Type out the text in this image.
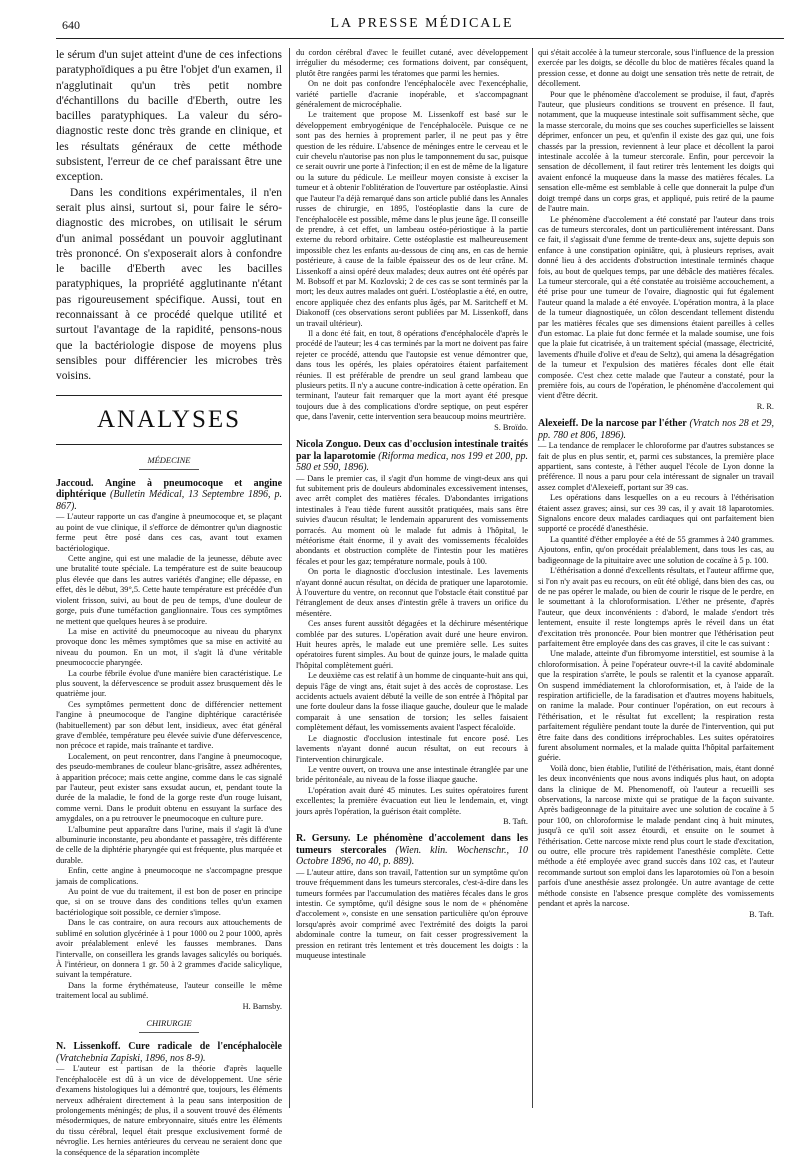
640	LA PRESSE MÉDICALE

le sérum d'un sujet atteint d'une de ces infections paratyphoïdiques a pu être l'objet d'un examen, il n'agglutinait qu'un très petit nombre d'échantillons du bacille d'Eberth, outre les bacilles paratyphiques. La valeur du séro-diagnostic reste donc très grande en clinique, et les résultats généraux de cette méthode subsistent, l'erreur de ce chef paraissant être une exception.

Dans les conditions expérimentales, il n'en serait plus ainsi, surtout si, pour faire le séro-diagnostic des microbes, on utilisait le sérum d'un animal possédant un pouvoir agglutinant très prononcé. On s'exposerait alors à confondre le bacille d'Eberth avec les bacilles paratyphiques, la propriété agglutinante n'étant pas rigoureusement spécifique. Aussi, tout en reconnaissant à ce procédé quelque utilité et surtout l'avantage de la rapidité, pensons-nous que la bactériologie dispose de moyens plus sensibles pour différencier les microbes très voisins.

ANALYSES
MÉDECINE
Jaccoud. Angine à pneumocoque et angine diphtérique (Bulletin Médical, 13 Septembre 1896, p. 867).

— L'auteur rapporte un cas d'angine à pneumocoque et, se plaçant au point de vue clinique, il s'efforce de démontrer qu'un diagnostic ferme peut être posé dans ces cas, avant tout examen bactériologique.

Cette angine, qui est une maladie de la jeunesse, débute avec une brutalité toute spéciale. La température est de suite beaucoup plus élevée que dans les autres variétés d'angine; elle dépasse, en effet, dès le début, 39°,5. Cette haute température est précédée d'un violent frisson, suivi, au bout de peu de temps, d'une douleur de gorge, puis d'une tuméfaction ganglionnaire. Tous ces symptômes ne mettent que quelques heures à se produire.

La mise en activité du pneumocoque au niveau du pharynx provoque donc les mêmes symptômes que sa mise en activité au niveau du poumon. En un mot, il s'agit là d'une véritable pneumococcie pharyngée.

La courbe fébrile évolue d'une manière bien caractéristique. Le plus souvent, la défervescence se produit assez brusquement dès le quatrième jour.

Ces symptômes permettent donc de différencier nettement l'angine à pneumocoque de l'angine diphtérique caractérisée (habituellement) par son début lent, insidieux, avec état général grave d'emblée, température peu élevée suivie d'une défervescence, non précoce et rapide, mais traînante et tardive.

Localement, on peut rencontrer, dans l'angine à pneumocoque, des pseudo-membranes de couleur blanc-grisâtre, assez adhérentes, à apparition précoce; mais cette angine, comme dans le cas signalé par l'auteur, peut exister sans exsudat aucun, et, pendant toute la durée de la maladie, le fond de la gorge reste d'un rouge luisant, comme verni. Dans le produit obtenu en essuyant la surface des amygdales, on a pu retrouver le pneumocoque en culture pure.

L'albumine peut apparaître dans l'urine, mais il s'agit là d'une albuminurie inconstante, peu abondante et passagère, très différente de celle de la diphtérie pharyngée qui est fréquente, plus marquée et durable.

Enfin, cette angine à pneumocoque ne s'accompagne presque jamais de complications.

Au point de vue du traitement, il est bon de poser en principe que, si on se trouve dans des conditions telles qu'un examen bactériologique soit possible, ce dernier s'impose.

Dans le cas contraire, on aura recours aux attouchements de sublimé en solution glycérinée à 1 pour 1000 ou 2 pour 1000, après avoir préalablement enlevé les fausses membranes. Dans l'intervalle, on conseillera les grands lavages salicylés ou boriqués. À l'intérieur, on donnera 1 gr. 50 à 2 grammes d'acide salicylique, suivant la température.

Dans la forme érythémateuse, l'auteur conseille le même traitement local au sublimé.

H. Barnsby.
CHIRURGIE
N. Lissenkoff. Cure radicale de l'encéphalocèle (Vratchebnia Zapiski, 1896, nos 8-9).

— L'auteur est partisan de la théorie d'après laquelle l'encéphalocèle est dû à un vice de développement. Une série d'examens histologiques lui a démontré que, toujours, les éléments nerveux adhéraient directement à la peau sans interposition de prolongements méningés; de plus, il a souvent trouvé des éléments mésodermiques, de nature embryonnaire, situés entre les éléments du tissu cérébral, lequel était presque exclusivement formé de névroglie. Les hernies antérieures du cerveau ne seraient donc que la conséquence de la séparation incomplète

du cordon cérébral d'avec le feuillet cutané, avec développement irrégulier du mésoderme; ces formations doivent, par conséquent, plutôt être rangées parmi les tératomes que parmi les hernies.

On ne doit pas confondre l'encéphalocèle avec l'exencéphalie, variété partielle d'acranie inopérable, et s'accompagnant généralement de microcéphalie.

Le traitement que propose M. Lissenkoff est basé sur le développement embryogénique de l'encéphalocèle. Puisque ce ne sont pas des hernies à proprement parler, il ne peut pas y être question de les réduire. L'absence de méninges entre le cerveau et le cuir chevelu n'autorise pas non plus le tamponnement du sac, puisque ce serait ouvrir une porte à l'infection; il en est de même de la ligature ou la suture du pédicule. Le meilleur moyen consiste à exciser la tumeur et à obtenir l'oblitération de l'ouverture par ostéoplastie. Ainsi que l'auteur l'a déjà remarqué dans son article publié dans les Annales russes de chirurgie, en 1895, l'ostéoplastie dans la cure de l'encéphalocèle est possible, même dans le plus jeune âge. Il conseille de prendre, à cet effet, un lambeau ostéo-périostique à la partie externe du rebord orbitaire. Cette ostéoplastie est malheureusement impossible chez les enfants au-dessous de cinq ans, en cas de hernie postérieure, à cause de la faible épaisseur des os de leur crâne. M. Lissenkoff a ainsi opéré deux malades; deux autres ont été opérés par M. Bobsoff et par M. Kozlovski; 2 de ces cas se sont terminés par la mort; les deux autres malades ont guéri. L'ostéoplastie a été, en outre, encore appliquée chez des enfants plus âgés, par M. Saritcheff et M. Diakonoff (ces observations seront publiées par M. Lissenkoff, dans un travail ultérieur).

Il a donc été fait, en tout, 8 opérations d'encéphalocèle d'après le procédé de l'auteur; les 4 cas terminés par la mort ne doivent pas faire rejeter ce procédé, attendu que l'autopsie est venue démontrer que, dans tous les opérés, les plaies opératoires étaient parfaitement réunies. Il est préférable de prendre un seul grand lambeau que plusieurs petits. Il n'y a aucune contre-indication à cette opération. En terminant, l'auteur fait remarquer que la mort ayant été presque toujours due à des complications d'ordre septique, on peut espérer que, dans l'avenir, cette intervention sera beaucoup moins meurtrière.

S. Broïdo.
Nicola Zonguo. Deux cas d'occlusion intestinale traités par la laparotomie (Riforma medica, nos 199 et 200, pp. 580 et 590, 1896).

— Dans le premier cas, il s'agit d'un homme de vingt-deux ans qui fut subitement pris de douleurs abdominales excessivement intenses, avec arrêt complet des matières fécales. D'abondantes irrigations intestinales à l'eau tiède furent aussitôt pratiquées, mais sans être suivies d'aucun résultat; le lendemain apparurent des vomissements porracés. Au moment où le malade fut admis à l'hôpital, le météorisme était énorme, il y avait des vomissements fécaloïdes abondants et obstruction complète de l'intestin pour les matières fécales et pour les gaz; température normale, pouls à 100.

On porta le diagnostic d'occlusion intestinale. Les lavements n'ayant donné aucun résultat, on décida de pratiquer une laparotomie. À l'ouverture du ventre, on reconnut que l'obstacle était constitué par l'étranglement de deux anses d'intestin grêle à travers un orifice du mésentère.

Ces anses furent aussitôt dégagées et la déchirure mésentérique comblée par des sutures. L'opération avait duré une heure environ. Huit heures après, le malade eut une première selle. Les suites opératoires furent simples. Au bout de quinze jours, le malade quitta l'hôpital complètement guéri.

Le deuxième cas est relatif à un homme de cinquante-huit ans qui, depuis l'âge de vingt ans, était sujet à des accès de coprostase. Les accidents actuels avaient débuté la veille de son entrée à l'hôpital par une forte douleur dans la fosse iliaque gauche, douleur que le malade comparait à une sensation de torsion; les selles faisaient complètement défaut, les vomissements avaient l'aspect fécaloïde.

Le diagnostic d'occlusion intestinale fut encore posé. Les lavements n'ayant donné aucun résultat, on eut recours à l'intervention chirurgicale.

Le ventre ouvert, on trouva une anse intestinale étranglée par une bride péritonéale, au niveau de la fosse iliaque gauche.

L'opération avait duré 45 minutes. Les suites opératoires furent excellentes; la première évacuation eut lieu le lendemain, et, vingt jours après l'opération, la guérison était complète.

B. Taft.
R. Gersuny. Le phénomène d'accolement dans les tumeurs stercorales (Wien. klin. Wochenschr., 10 Octobre 1896, no 40, p. 889).

— L'auteur attire, dans son travail, l'attention sur un symptôme qu'on trouve fréquemment dans les tumeurs stercorales, c'est-à-dire dans les tumeurs formées par l'accumulation des matières fécales dans le gros intestin. Ce symptôme, qu'il désigne sous le nom de « phénomène d'accolement », consiste en une sensation particulière qu'on éprouve lorsqu'après avoir comprimé avec l'extrémité des doigts la paroi abdominale contre la tumeur, on fait cesser progressivement la pression en retirant très lentement et très doucement les doigts : la muqueuse intestinale

qui s'était accolée à la tumeur stercorale, sous l'influence de la pression exercée par les doigts, se décolle du bloc de matières fécales quand la pression cesse, et donne au doigt une sensation très nette de retrait, de décollement.

Pour que le phénomène d'accolement se produise, il faut, d'après l'auteur, que plusieurs conditions se trouvent en présence. Il faut, notamment, que la muqueuse intestinale soit suffisamment sèche, que la masse stercorale, du moins que ses couches superficielles se laissent déprimer, enfoncer un peu, et qu'enfin il existe des gaz qui, une fois chassés par la pression, reviennent à leur place et décollent la paroi intestinale accolée à la tumeur stercorale. Enfin, pour percevoir la sensation de décollement, il faut retirer très lentement les doigts qui avaient enfoncé la muqueuse dans la masse des matières fécales. La sensation elle-même est semblable à celle que donnerait la pulpe d'un doigt trempé dans un corps gras, et appliqué, puis retiré de la paume de l'autre main.

Le phénomène d'accolement a été constaté par l'auteur dans trois cas de tumeurs stercorales, dont un particulièrement intéressant. Dans ce fait, il s'agissait d'une femme de trente-deux ans, sujette depuis son enfance à une constipation opiniâtre, qui, à plusieurs reprises, avait donné lieu à des accidents d'obstruction intestinale terminés chaque fois, au bout de quelques temps, par une débâcle des matières fécales. La tumeur stercorale, qui a été constatée au troisième accouchement, a été prise pour une tumeur de l'ovaire, diagnostic qui fut également l'auteur quand la malade a été envoyée. L'opération montra, à la place de la tumeur diagnostiquée, un côlon descendant tellement distendu par les matières fécales que ses dimensions étaient pareilles à celles d'un estomac. La plaie fut donc fermée et la malade soumise, une fois que la plaie fut cicatrisée, à un traitement spécial (massage, électricité, lavements d'huile d'olive et d'eau de Seltz), qui amena la désagrégation de la tumeur et l'expulsion des matières fécales dont elle était composée. C'est chez cette malade que l'auteur a constaté, pour la première fois, au cours de l'opération, le phénomène d'accolement qui vient d'être décrit.

R. R.
Alexeieff. De la narcose par l'éther (Vratch nos 28 et 29, pp. 780 et 806, 1896).

— La tendance de remplacer le chloroforme par d'autres substances se fait de plus en plus sentir, et, parmi ces substances, la première place appartient, sans conteste, à l'éther auquel l'école de Lyon donne la préférence. Il nous a paru pour cela intéressant de signaler un travail assez complet d'Alexeieff, portant sur 39 cas.

Les opérations dans lesquelles on a eu recours à l'éthérisation étaient assez graves; ainsi, sur ces 39 cas, il y avait 18 laparotomies. Signalons encore deux malades cardiaques qui ont parfaitement bien supporté ce procédé d'anesthésie.

La quantité d'éther employée a été de 55 grammes à 240 grammes. Ajoutons, enfin, qu'on procédait préalablement, dans tous les cas, au badigeonnage de la pituitaire avec une solution de cocaïne à 5 p. 100.

L'éthérisation a donné d'excellents résultats, et l'auteur affirme que, si l'on n'y avait pas eu recours, on eût été obligé, dans bien des cas, ou de ne pas opérer le malade, ou bien de courir le risque de le perdre, en le soumettant à la chloroformisation. L'éther ne présente, d'après l'auteur, que deux inconvénients : d'abord, le malade s'endort très lentement, ensuite il reste longtemps après le réveil dans un état d'excitation très prononcée. Pour bien montrer que l'éthérisation peut parfaitement être employée dans des cas graves, il cite le cas suivant :

Une malade, atteinte d'un fibromyome interstitiel, est soumise à la chloroformisation. À peine l'opérateur ouvre-t-il la cavité abdominale que la respiration s'arrête, le pouls se ralentit et la cyanose apparaît. On suspend immédiatement la chloroformisation, et, à l'aide de la respiration artificielle, de la faradisation et d'autres moyens habituels, on ranime la malade. Pour continuer l'opération, on eut recours à l'éthérisation, et le résultat fut excellent; la respiration resta parfaitement régulière pendant toute la durée de l'intervention, qui put être faite dans des conditions irréprochables. Les suites opératoires furent absolument normales, et la malade quitta l'hôpital parfaitement guérie.

Voilà donc, bien établie, l'utilité de l'éthérisation, mais, étant donné les deux inconvénients que nous avons indiqués plus haut, on adopta dans la clinique de M. Phenomenoff, où l'auteur a recueilli ses observations, la narcose mixte qui se pratique de la façon suivante. Après badigeonnage de la pituitaire avec une solution de cocaïne à 5 pour 100, on chloroformise le malade pendant cinq à huit minutes, jusqu'à ce qu'il soit assez étourdi, et ensuite on le soumet à l'éthérisation. Cette narcose mixte rend plus court le stade d'excitation, ou outre, elle procure très rapidement l'anesthésie complète. Cette méthode a été employée avec grand succès dans 102 cas, et l'auteur recommande surtout son emploi dans les laparotomies où l'on a besoin parfois d'une anesthésie assez prolongée. Un autre avantage de cette méthode consiste en l'absence presque complète des vomissements pendant et après la narcose.

B. Taft.
